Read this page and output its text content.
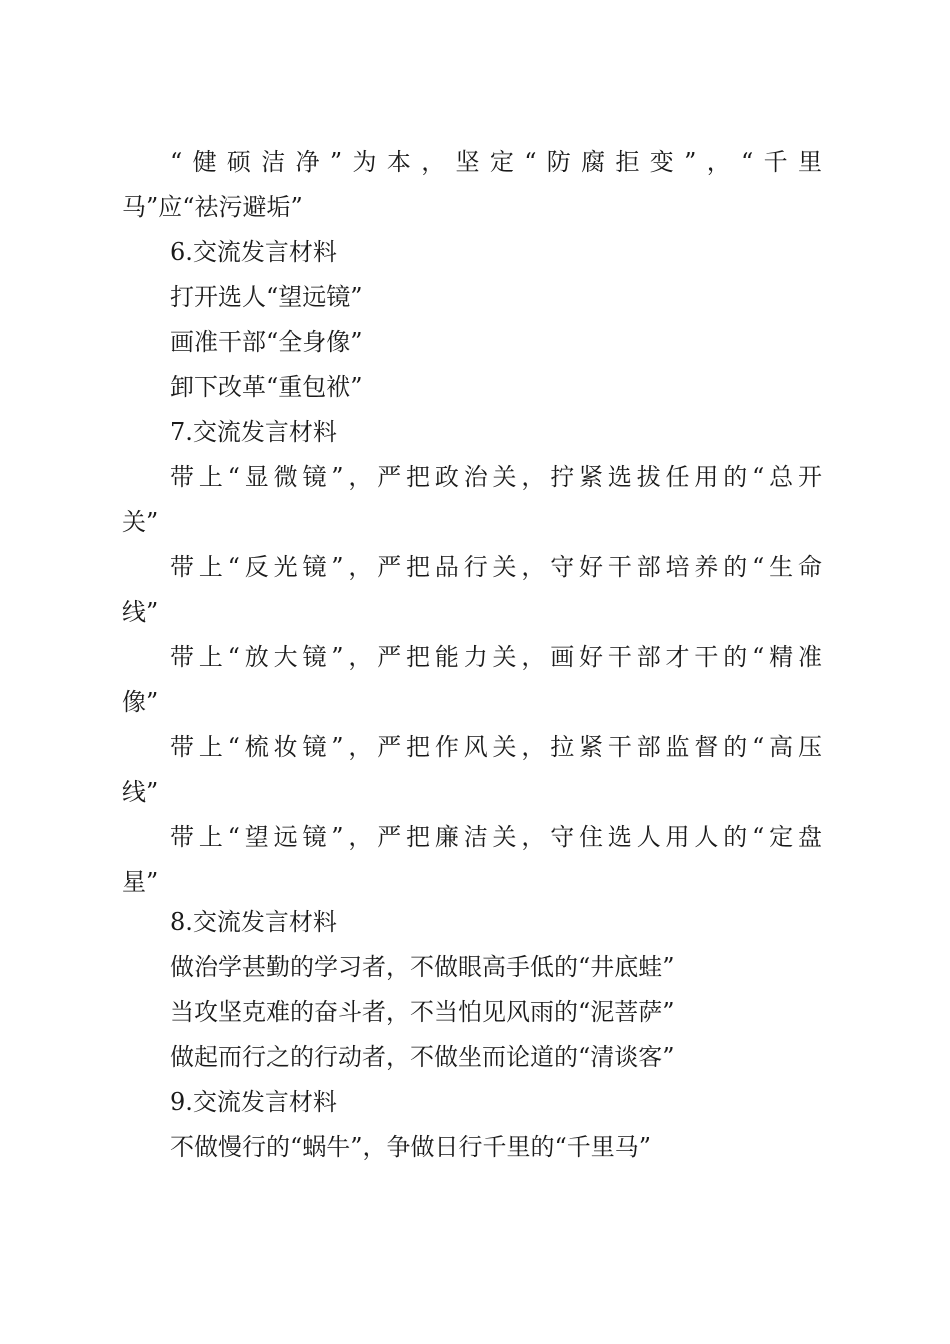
“健硕洁净”为本，坚定“防腐拒变”，“千里

马”应“祛污避垢”

6.交流发言材料

打开选人“望远镜”

画准干部“全身像”

卸下改革“重包袱”

7.交流发言材料

带上“显微镜”，严把政治关，拧紧选拔任用的“总开

关”

带上“反光镜”，严把品行关，守好干部培养的“生命

线”

带上“放大镜”，严把能力关，画好干部才干的“精准

像”

带上“梳妆镜”，严把作风关，拉紧干部监督的“高压

线”

带上“望远镜”，严把廉洁关，守住选人用人的“定盘

星”

8.交流发言材料

做治学甚勤的学习者，不做眼高手低的“井底蛙”

当攻坚克难的奋斗者，不当怕见风雨的“泥菩萨”

做起而行之的行动者，不做坐而论道的“清谈客”

9.交流发言材料

不做慢行的“蜗牛”，争做日行千里的“千里马”
